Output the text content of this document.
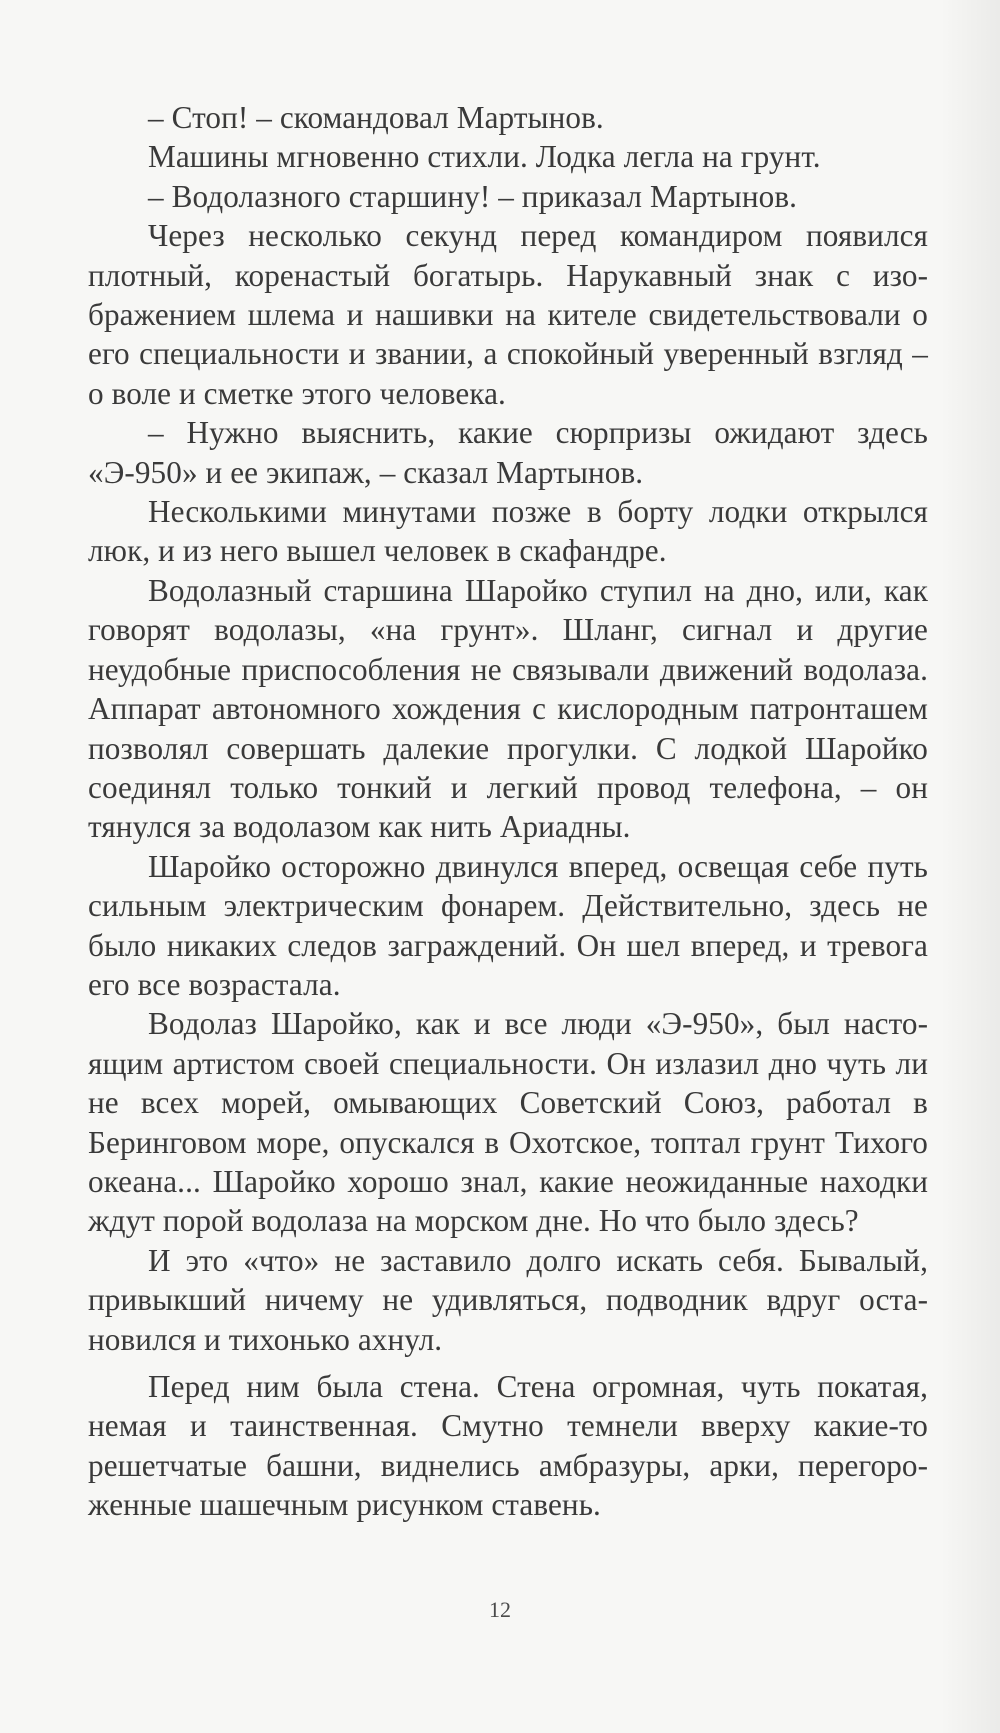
– Стоп! – скомандовал Мартынов.

Машины мгновенно стихли. Лодка легла на грунт.

– Водолазного старшину! – приказал Мартынов.

Через несколько секунд перед командиром появился плотный, коренастый богатырь. Нарукавный знак с изображением шлема и нашивки на кителе свидетельствовали о его специальности и звании, а спокойный уверенный взгляд – о воле и сметке этого человека.

– Нужно выяснить, какие сюрпризы ожидают здесь «Э-950» и ее экипаж, – сказал Мартынов.

Несколькими минутами позже в борту лодки открылся люк, и из него вышел человек в скафандре.

Водолазный старшина Шаройко ступил на дно, или, как говорят водолазы, «на грунт». Шланг, сигнал и другие неудобные приспособления не связывали движений водолаза. Аппарат автономного хождения с кислородным патронташем позволял совершать далекие прогулки. С лодкой Шаройко соединял только тонкий и легкий провод телефона, – он тянулся за водолазом как нить Ариадны.

Шаройко осторожно двинулся вперед, освещая себе путь сильным электрическим фонарем. Действительно, здесь не было никаких следов заграждений. Он шел вперед, и тревога его все возрастала.

Водолаз Шаройко, как и все люди «Э-950», был настоящим артистом своей специальности. Он излазил дно чуть ли не всех морей, омывающих Советский Союз, работал в Беринговом море, опускался в Охотское, топтал грунт Тихого океана... Шаройко хорошо знал, какие неожиданные находки ждут порой водолаза на морском дне. Но что было здесь?

И это «что» не заставило долго искать себя. Бывалый, привыкший ничему не удивляться, подводник вдруг остановился и тихонько ахнул.

Перед ним была стена. Стена огромная, чуть покатая, немая и таинственная. Смутно темнели вверху какие-то решетчатые башни, виднелись амбразуры, арки, перегороженные шашечным рисунком ставень.

12
